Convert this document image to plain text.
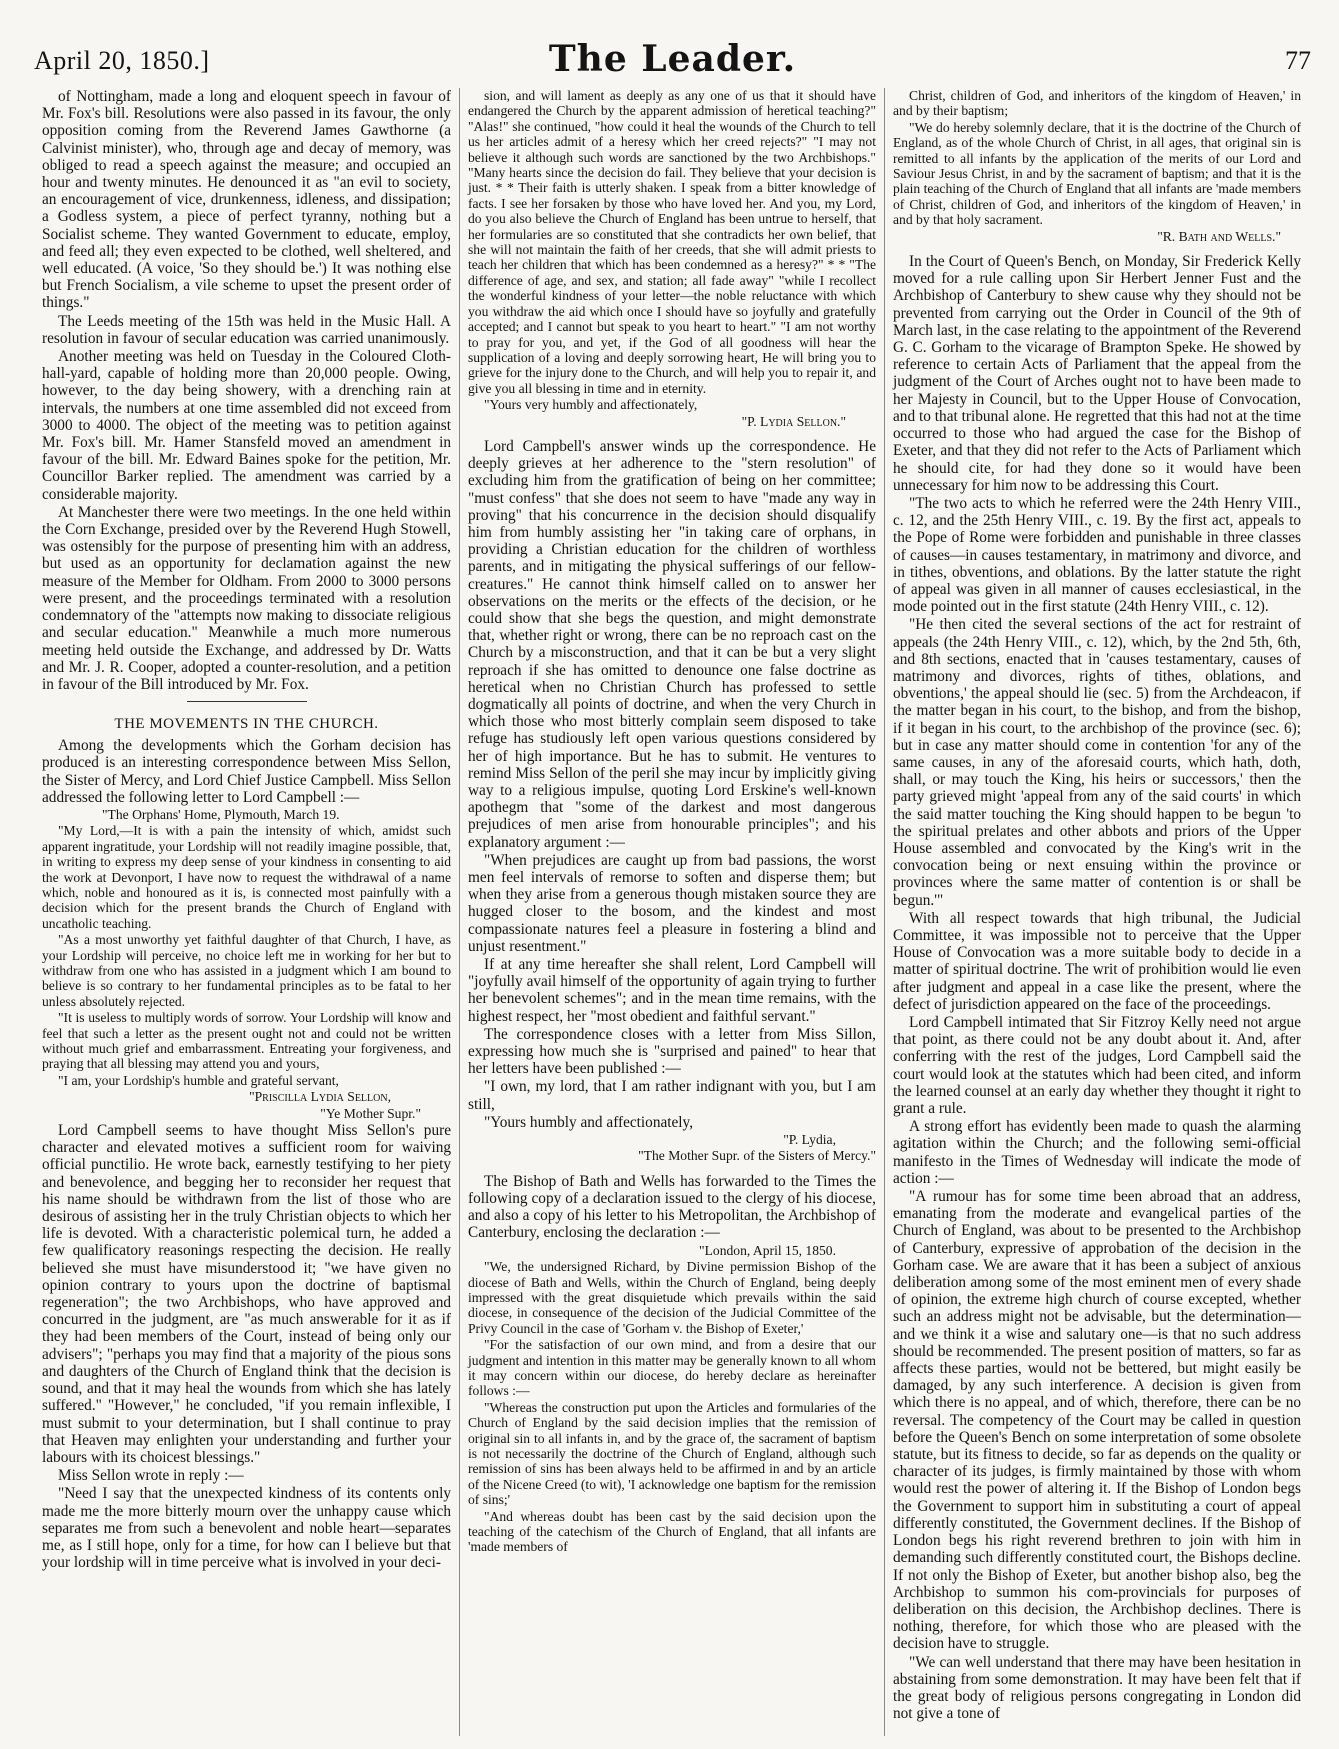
April 20, 1850.]	The Leader.	77

of Nottingham, made a long and eloquent speech in favour of Mr. Fox's bill. Resolutions were also passed in its favour, the only opposition coming from the Reverend James Gawthorne (a Calvinist minister), who, through age and decay of memory, was obliged to read a speech against the measure; and occupied an hour and twenty minutes. He denounced it as "an evil to society, an encouragement of vice, drunkenness, idleness, and dissipation; a Godless system, a piece of perfect tyranny, nothing but a Socialist scheme. They wanted Government to educate, employ, and feed all; they even expected to be clothed, well sheltered, and well educated. (A voice, 'So they should be.') It was nothing else but French Socialism, a vile scheme to upset the present order of things."

The Leeds meeting of the 15th was held in the Music Hall. A resolution in favour of secular education was carried unanimously.

Another meeting was held on Tuesday in the Coloured Cloth-hall-yard, capable of holding more than 20,000 people. Owing, however, to the day being showery, with a drenching rain at intervals, the numbers at one time assembled did not exceed from 3000 to 4000. The object of the meeting was to petition against Mr. Fox's bill. Mr. Hamer Stansfeld moved an amendment in favour of the bill. Mr. Edward Baines spoke for the petition, Mr. Councillor Barker replied. The amendment was carried by a considerable majority.

At Manchester there were two meetings. In the one held within the Corn Exchange, presided over by the Reverend Hugh Stowell, was ostensibly for the purpose of presenting him with an address, but used as an opportunity for declamation against the new measure of the Member for Oldham. From 2000 to 3000 persons were present, and the proceedings terminated with a resolution condemnatory of the "attempts now making to dissociate religious and secular education." Meanwhile a much more numerous meeting held outside the Exchange, and addressed by Dr. Watts and Mr. J. R. Cooper, adopted a counter-resolution, and a petition in favour of the Bill introduced by Mr. Fox.

THE MOVEMENTS IN THE CHURCH.

Among the developments which the Gorham decision has produced is an interesting correspondence between Miss Sellon, the Sister of Mercy, and Lord Chief Justice Campbell. Miss Sellon addressed the following letter to Lord Campbell :—

"The Orphans' Home, Plymouth, March 19.

"My Lord,—It is with a pain the intensity of which, amidst such apparent ingratitude, your Lordship will not readily imagine possible, that, in writing to express my deep sense of your kindness in consenting to aid the work at Devonport, I have now to request the withdrawal of a name which, noble and honoured as it is, is connected most painfully with a decision which for the present brands the Church of England with uncatholic teaching.

"As a most unworthy yet faithful daughter of that Church, I have, as your Lordship will perceive, no choice left me in working for her but to withdraw from one who has assisted in a judgment which I am bound to believe is so contrary to her fundamental principles as to be fatal to her unless absolutely rejected.

"It is useless to multiply words of sorrow. Your Lordship will know and feel that such a letter as the present ought not and could not be written without much grief and embarrassment. Entreating your forgiveness, and praying that all blessing may attend you and yours,

"I am, your Lordship's humble and grateful servant,

"Priscilla Lydia Sellon,

"Ye Mother Supr."

Lord Campbell seems to have thought Miss Sellon's pure character and elevated motives a sufficient room for waiving official punctilio. He wrote back, earnestly testifying to her piety and benevolence, and begging her to reconsider her request that his name should be withdrawn from the list of those who are desirous of assisting her in the truly Christian objects to which her life is devoted. With a characteristic polemical turn, he added a few qualificatory reasonings respecting the decision. He really believed she must have misunderstood it; "we have given no opinion contrary to yours upon the doctrine of baptismal regeneration"; the two Archbishops, who have approved and concurred in the judgment, are "as much answerable for it as if they had been members of the Court, instead of being only our advisers"; "perhaps you may find that a majority of the pious sons and daughters of the Church of England think that the decision is sound, and that it may heal the wounds from which she has lately suffered." "However," he concluded, "if you remain inflexible, I must submit to your determination, but I shall continue to pray that Heaven may enlighten your understanding and further your labours with its choicest blessings."

Miss Sellon wrote in reply :—

"Need I say that the unexpected kindness of its contents only made me the more bitterly mourn over the unhappy cause which separates me from such a benevolent and noble heart—separates me, as I still hope, only for a time, for how can I believe but that your lordship will in time perceive what is involved in your deci-

sion, and will lament as deeply as any one of us that it should have endangered the Church by the apparent admission of heretical teaching?" "Alas!" she continued, "how could it heal the wounds of the Church to tell us her articles admit of a heresy which her creed rejects?" "I may not believe it although such words are sanctioned by the two Archbishops." "Many hearts since the decision do fail. They believe that your decision is just. * * Their faith is utterly shaken. I speak from a bitter knowledge of facts. I see her forsaken by those who have loved her. And you, my Lord, do you also believe the Church of England has been untrue to herself, that her formularies are so constituted that she contradicts her own belief, that she will not maintain the faith of her creeds, that she will admit priests to teach her children that which has been condemned as a heresy?" * * "The difference of age, and sex, and station; all fade away" "while I recollect the wonderful kindness of your letter—the noble reluctance with which you withdraw the aid which once I should have so joyfully and gratefully accepted; and I cannot but speak to you heart to heart." "I am not worthy to pray for you, and yet, if the God of all goodness will hear the supplication of a loving and deeply sorrowing heart, He will bring you to grieve for the injury done to the Church, and will help you to repair it, and give you all blessing in time and in eternity.

"Yours very humbly and affectionately,

"P. Lydia Sellon."

Lord Campbell's answer winds up the correspondence. He deeply grieves at her adherence to the "stern resolution" of excluding him from the gratification of being on her committee; "must confess" that she does not seem to have "made any way in proving" that his concurrence in the decision should disqualify him from humbly assisting her "in taking care of orphans, in providing a Christian education for the children of worthless parents, and in mitigating the physical sufferings of our fellow-creatures." He cannot think himself called on to answer her observations on the merits or the effects of the decision, or he could show that she begs the question, and might demonstrate that, whether right or wrong, there can be no reproach cast on the Church by a misconstruction, and that it can be but a very slight reproach if she has omitted to denounce one false doctrine as heretical when no Christian Church has professed to settle dogmatically all points of doctrine, and when the very Church in which those who most bitterly complain seem disposed to take refuge has studiously left open various questions considered by her of high importance. But he has to submit. He ventures to remind Miss Sellon of the peril she may incur by implicitly giving way to a religious impulse, quoting Lord Erskine's well-known apothegm that "some of the darkest and most dangerous prejudices of men arise from honourable principles"; and his explanatory argument :—

"When prejudices are caught up from bad passions, the worst men feel intervals of remorse to soften and disperse them; but when they arise from a generous though mistaken source they are hugged closer to the bosom, and the kindest and most compassionate natures feel a pleasure in fostering a blind and unjust resentment."

If at any time hereafter she shall relent, Lord Campbell will "joyfully avail himself of the opportunity of again trying to further her benevolent schemes"; and in the mean time remains, with the highest respect, her "most obedient and faithful servant."

The correspondence closes with a letter from Miss Sillon, expressing how much she is "surprised and pained" to hear that her letters have been published :—

"I own, my lord, that I am rather indignant with you, but I am still,

"Yours humbly and affectionately,

"P. Lydia,

"The Mother Supr. of the Sisters of Mercy."

The Bishop of Bath and Wells has forwarded to the Times the following copy of a declaration issued to the clergy of his diocese, and also a copy of his letter to his Metropolitan, the Archbishop of Canterbury, enclosing the declaration :—

"London, April 15, 1850.

"We, the undersigned Richard, by Divine permission Bishop of the diocese of Bath and Wells, within the Church of England, being deeply impressed with the great disquietude which prevails within the said diocese, in consequence of the decision of the Judicial Committee of the Privy Council in the case of 'Gorham v. the Bishop of Exeter,'

"For the satisfaction of our own mind, and from a desire that our judgment and intention in this matter may be generally known to all whom it may concern within our diocese, do hereby declare as hereinafter follows :—

"Whereas the construction put upon the Articles and formularies of the Church of England by the said decision implies that the remission of original sin to all infants in, and by the grace of, the sacrament of baptism is not necessarily the doctrine of the Church of England, although such remission of sins has been always held to be affirmed in and by an article of the Nicene Creed (to wit), 'I acknowledge one baptism for the remission of sins;'

"And whereas doubt has been cast by the said decision upon the teaching of the catechism of the Church of England, that all infants are 'made members of

Christ, children of God, and inheritors of the kingdom of Heaven,' in and by their baptism;

"We do hereby solemnly declare, that it is the doctrine of the Church of England, as of the whole Church of Christ, in all ages, that original sin is remitted to all infants by the application of the merits of our Lord and Saviour Jesus Christ, in and by the sacrament of baptism; and that it is the plain teaching of the Church of England that all infants are 'made members of Christ, children of God, and inheritors of the kingdom of Heaven,' in and by that holy sacrament.

"R. Bath and Wells."

In the Court of Queen's Bench, on Monday, Sir Frederick Kelly moved for a rule calling upon Sir Herbert Jenner Fust and the Archbishop of Canterbury to shew cause why they should not be prevented from carrying out the Order in Council of the 9th of March last, in the case relating to the appointment of the Reverend G. C. Gorham to the vicarage of Brampton Speke. He showed by reference to certain Acts of Parliament that the appeal from the judgment of the Court of Arches ought not to have been made to her Majesty in Council, but to the Upper House of Convocation, and to that tribunal alone. He regretted that this had not at the time occurred to those who had argued the case for the Bishop of Exeter, and that they did not refer to the Acts of Parliament which he should cite, for had they done so it would have been unnecessary for him now to be addressing this Court.

"The two acts to which he referred were the 24th Henry VIII., c. 12, and the 25th Henry VIII., c. 19. By the first act, appeals to the Pope of Rome were forbidden and punishable in three classes of causes—in causes testamentary, in matrimony and divorce, and in tithes, obventions, and oblations. By the latter statute the right of appeal was given in all manner of causes ecclesiastical, in the mode pointed out in the first statute (24th Henry VIII., c. 12).

"He then cited the several sections of the act for restraint of appeals (the 24th Henry VIII., c. 12), which, by the 2nd 5th, 6th, and 8th sections, enacted that in 'causes testamentary, causes of matrimony and divorces, rights of tithes, oblations, and obventions,' the appeal should lie (sec. 5) from the Archdeacon, if the matter began in his court, to the bishop, and from the bishop, if it began in his court, to the archbishop of the province (sec. 6); but in case any matter should come in contention 'for any of the same causes, in any of the aforesaid courts, which hath, doth, shall, or may touch the King, his heirs or successors,' then the party grieved might 'appeal from any of the said courts' in which the said matter touching the King should happen to be begun 'to the spiritual prelates and other abbots and priors of the Upper House assembled and convocated by the King's writ in the convocation being or next ensuing within the province or provinces where the same matter of contention is or shall be begun.'"

With all respect towards that high tribunal, the Judicial Committee, it was impossible not to perceive that the Upper House of Convocation was a more suitable body to decide in a matter of spiritual doctrine. The writ of prohibition would lie even after judgment and appeal in a case like the present, where the defect of jurisdiction appeared on the face of the proceedings.

Lord Campbell intimated that Sir Fitzroy Kelly need not argue that point, as there could not be any doubt about it. And, after conferring with the rest of the judges, Lord Campbell said the court would look at the statutes which had been cited, and inform the learned counsel at an early day whether they thought it right to grant a rule.

A strong effort has evidently been made to quash the alarming agitation within the Church; and the following semi-official manifesto in the Times of Wednesday will indicate the mode of action :—

"A rumour has for some time been abroad that an address, emanating from the moderate and evangelical parties of the Church of England, was about to be presented to the Archbishop of Canterbury, expressive of approbation of the decision in the Gorham case. We are aware that it has been a subject of anxious deliberation among some of the most eminent men of every shade of opinion, the extreme high church of course excepted, whether such an address might not be advisable, but the determination—and we think it a wise and salutary one—is that no such address should be recommended. The present position of matters, so far as affects these parties, would not be bettered, but might easily be damaged, by any such interference. A decision is given from which there is no appeal, and of which, therefore, there can be no reversal. The competency of the Court may be called in question before the Queen's Bench on some interpretation of some obsolete statute, but its fitness to decide, so far as depends on the quality or character of its judges, is firmly maintained by those with whom would rest the power of altering it. If the Bishop of London begs the Government to support him in substituting a court of appeal differently constituted, the Government declines. If the Bishop of London begs his right reverend brethren to join with him in demanding such differently constituted court, the Bishops decline. If not only the Bishop of Exeter, but another bishop also, beg the Archbishop to summon his com-provincials for purposes of deliberation on this decision, the Archbishop declines. There is nothing, therefore, for which those who are pleased with the decision have to struggle.

"We can well understand that there may have been hesitation in abstaining from some demonstration. It may have been felt that if the great body of religious persons congregating in London did not give a tone of
